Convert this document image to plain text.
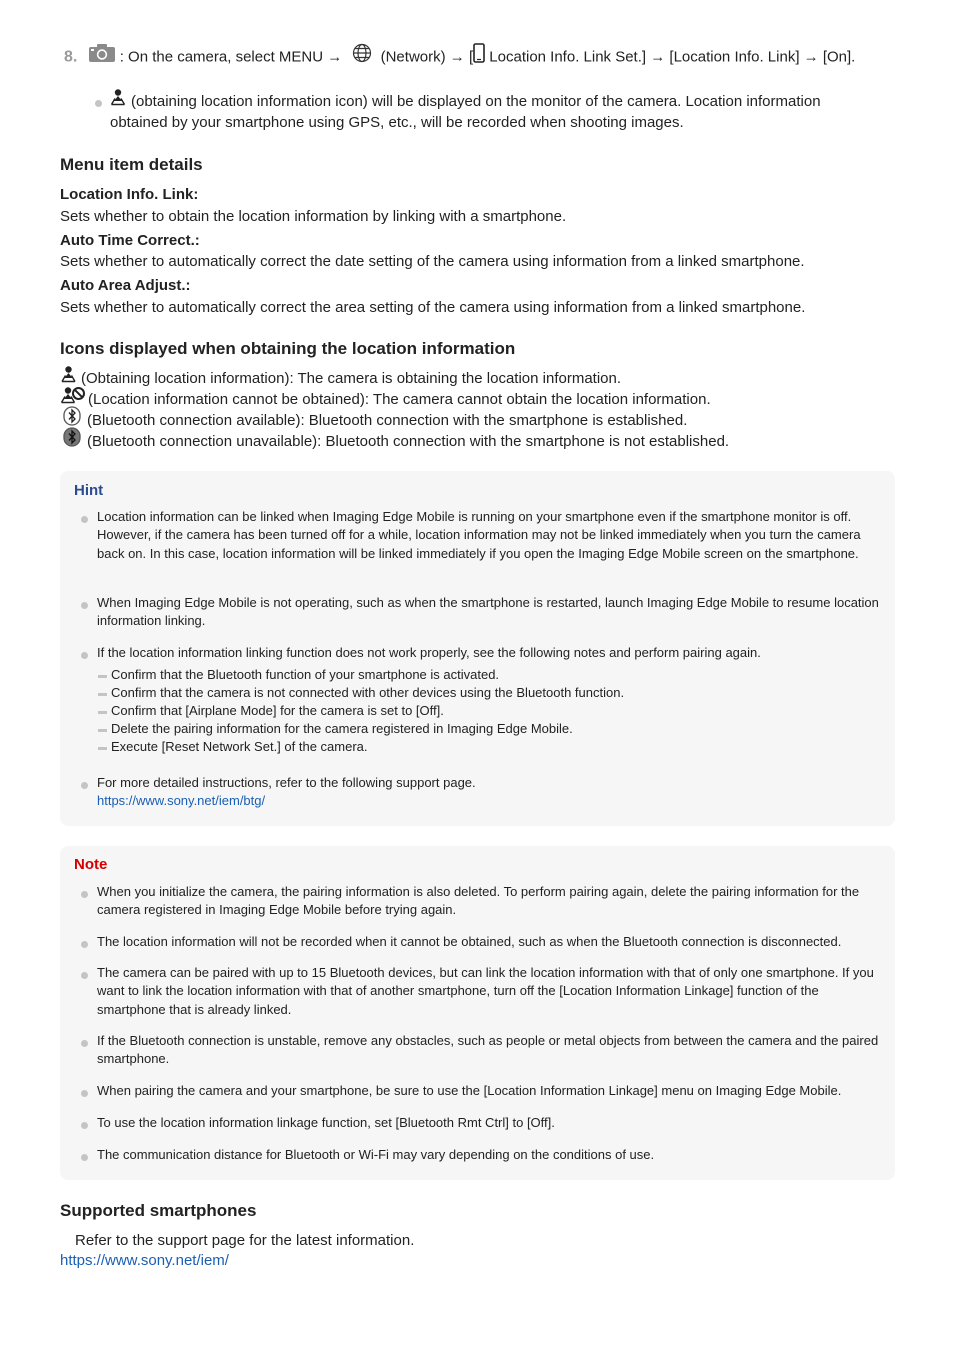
8.	: On the camera, select MENU →	(Network) → [ Location Info. Link Set.] → [Location Info. Link] → [On].
(obtaining location information icon) will be displayed on the monitor of the camera. Location information obtained by your smartphone using GPS, etc., will be recorded when shooting images.
Menu item details
Location Info. Link:
Sets whether to obtain the location information by linking with a smartphone.
Auto Time Correct.:
Sets whether to automatically correct the date setting of the camera using information from a linked smartphone.
Auto Area Adjust.:
Sets whether to automatically correct the area setting of the camera using information from a linked smartphone.
Icons displayed when obtaining the location information
(Obtaining location information): The camera is obtaining the location information.
(Location information cannot be obtained): The camera cannot obtain the location information.
(Bluetooth connection available): Bluetooth connection with the smartphone is established.
(Bluetooth connection unavailable): Bluetooth connection with the smartphone is not established.
Hint
Location information can be linked when Imaging Edge Mobile is running on your smartphone even if the smartphone monitor is off. However, if the camera has been turned off for a while, location information may not be linked immediately when you turn the camera back on. In this case, location information will be linked immediately if you open the Imaging Edge Mobile screen on the smartphone.
When Imaging Edge Mobile is not operating, such as when the smartphone is restarted, launch Imaging Edge Mobile to resume location information linking.
If the location information linking function does not work properly, see the following notes and perform pairing again.
Confirm that the Bluetooth function of your smartphone is activated.
Confirm that the camera is not connected with other devices using the Bluetooth function.
Confirm that [Airplane Mode] for the camera is set to [Off].
Delete the pairing information for the camera registered in Imaging Edge Mobile.
Execute [Reset Network Set.] of the camera.
For more detailed instructions, refer to the following support page.
https://www.sony.net/iem/btg/
Note
When you initialize the camera, the pairing information is also deleted. To perform pairing again, delete the pairing information for the camera registered in Imaging Edge Mobile before trying again.
The location information will not be recorded when it cannot be obtained, such as when the Bluetooth connection is disconnected.
The camera can be paired with up to 15 Bluetooth devices, but can link the location information with that of only one smartphone. If you want to link the location information with that of another smartphone, turn off the [Location Information Linkage] function of the smartphone that is already linked.
If the Bluetooth connection is unstable, remove any obstacles, such as people or metal objects from between the camera and the paired smartphone.
When pairing the camera and your smartphone, be sure to use the [Location Information Linkage] menu on Imaging Edge Mobile.
To use the location information linkage function, set [Bluetooth Rmt Ctrl] to [Off].
The communication distance for Bluetooth or Wi-Fi may vary depending on the conditions of use.
Supported smartphones
Refer to the support page for the latest information.
https://www.sony.net/iem/
